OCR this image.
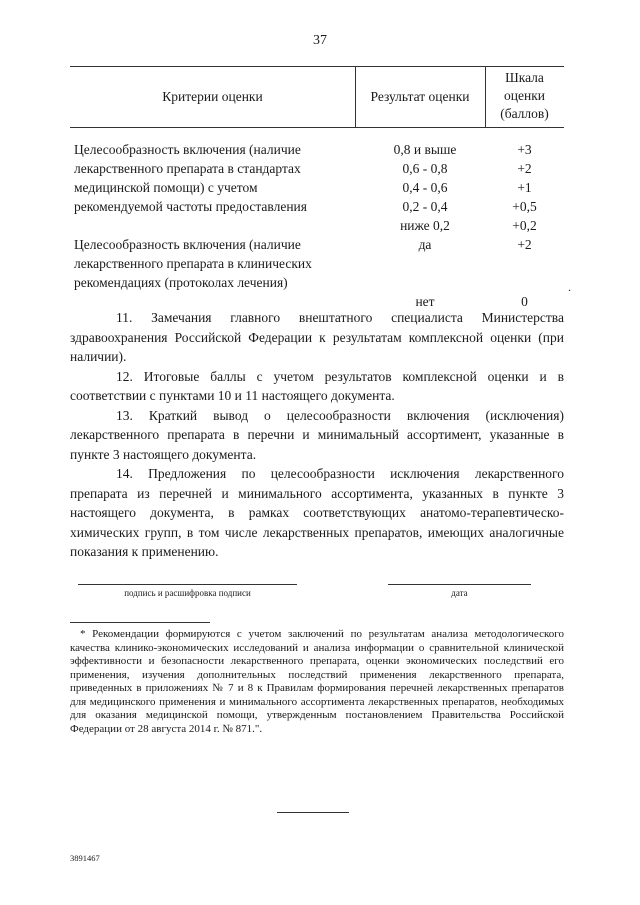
37
Критерии оценки	Результат оценки
Шкала
оценки
(баллов)
Целесообразность включения (наличие
лекарственного препарата в стандартах
медицинской помощи) с учетом
рекомендуемой частоты предоставления
0,8 и выше
0,6 - 0,8
0,4 - 0,6
0,2 - 0,4
ниже 0,2
+3
+2
+1
+0,5
+0,2
Целесообразность включения (наличие
лекарственного препарата в клинических
рекомендациях (протоколах лечения)
да
нет
+2
0
.

11. Замечания главного внештатного специалиста Министерства здравоохранения Российской Федерации к результатам комплексной оценки (при наличии).

12. Итоговые баллы с учетом результатов комплексной оценки и в соответствии с пунктами 10 и 11 настоящего документа.

13. Краткий вывод о целесообразности включения (исключения) лекарственного препарата в перечни и минимальный ассортимент, указанные в пункте 3 настоящего документа.

14. Предложения по целесообразности исключения лекарственного препарата из перечней и минимального ассортимента, указанных в пункте 3 настоящего документа, в рамках соответствующих анатомо-терапевтическо-химических групп, в том числе лекарственных препаратов, имеющих аналогичные показания к применению.

подпись и расшифровка подписи	дата
* Рекомендации формируются с учетом заключений по результатам анализа методологического качества клинико-экономических исследований и анализа информации о сравнительной клинической эффективности и безопасности лекарственного препарата, оценки экономических последствий его применения, изучения дополнительных последствий применения лекарственного препарата, приведенных в приложениях № 7 и 8 к Правилам формирования перечней лекарственных препаратов для медицинского применения и минимального ассортимента лекарственных препаратов, необходимых для оказания медицинской помощи, утвержденным постановлением Правительства Российской Федерации от 28 августа 2014 г. № 871.".
3891467
